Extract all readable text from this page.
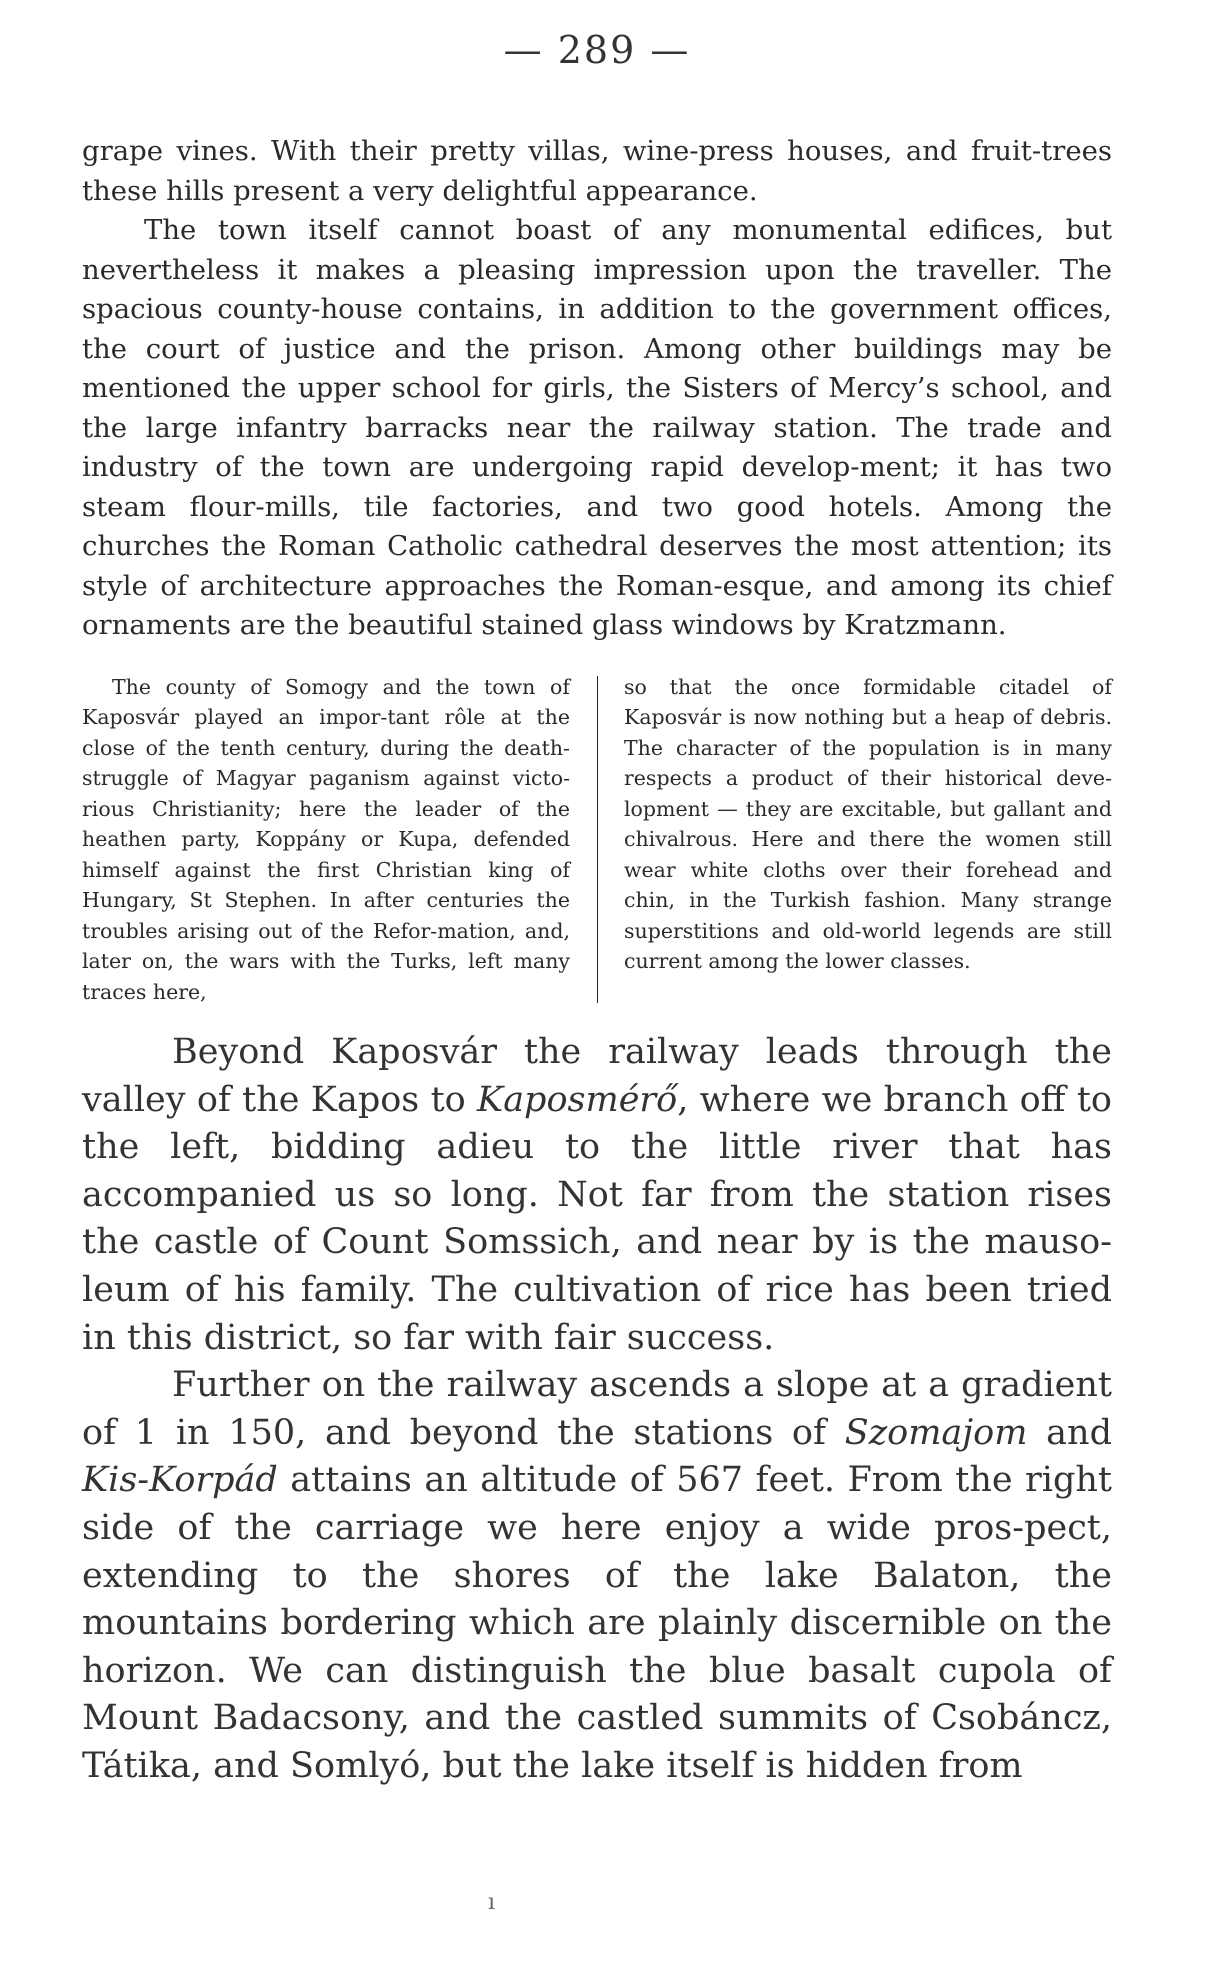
— 289 —

grape vines. With their pretty villas, wine-press houses, and fruit-trees these hills present a very delightful appearance.

The town itself cannot boast of any monumental edifices, but nevertheless it makes a pleasing impression upon the traveller. The spacious county-house contains, in addition to the government offices, the court of justice and the prison. Among other buildings may be mentioned the upper school for girls, the Sisters of Mercy’s school, and the large infantry barracks near the railway station. The trade and industry of the town are undergoing rapid develop-ment; it has two steam flour-mills, tile factories, and two good hotels. Among the churches the Roman Catholic cathedral deserves the most attention; its style of architecture approaches the Roman-esque, and among its chief ornaments are the beautiful stained glass windows by Kratzmann.

The county of Somogy and the town of Kaposvár played an impor-tant rôle at the close of the tenth century, during the death-struggle of Magyar paganism against victo-rious Christianity; here the leader of the heathen party, Koppány or Kupa, defended himself against the first Christian king of Hungary, St Stephen. In after centuries the troubles arising out of the Refor-mation, and, later on, the wars with the Turks, left many traces here,

so that the once formidable citadel of Kaposvár is now nothing but a heap of debris. The character of the population is in many respects a product of their historical deve-lopment — they are excitable, but gallant and chivalrous. Here and there the women still wear white cloths over their forehead and chin, in the Turkish fashion. Many strange superstitions and old-world legends are still current among the lower classes.

Beyond Kaposvár the railway leads through the valley of the Kapos to Kaposmérő, where we branch off to the left, bidding adieu to the little river that has accompanied us so long. Not far from the station rises the castle of Count Somssich, and near by is the mauso-leum of his family. The cultivation of rice has been tried in this district, so far with fair success.

Further on the railway ascends a slope at a gradient of 1 in 150, and beyond the stations of Szomajom and Kis-Korpád attains an altitude of 567 feet. From the right side of the carriage we here enjoy a wide pros-pect, extending to the shores of the lake Balaton, the mountains bordering which are plainly discernible on the horizon. We can distinguish the blue basalt cupola of Mount Badacsony, and the castled summits of Csobáncz, Tátika, and Somlyó, but the lake itself is hidden from

ı
